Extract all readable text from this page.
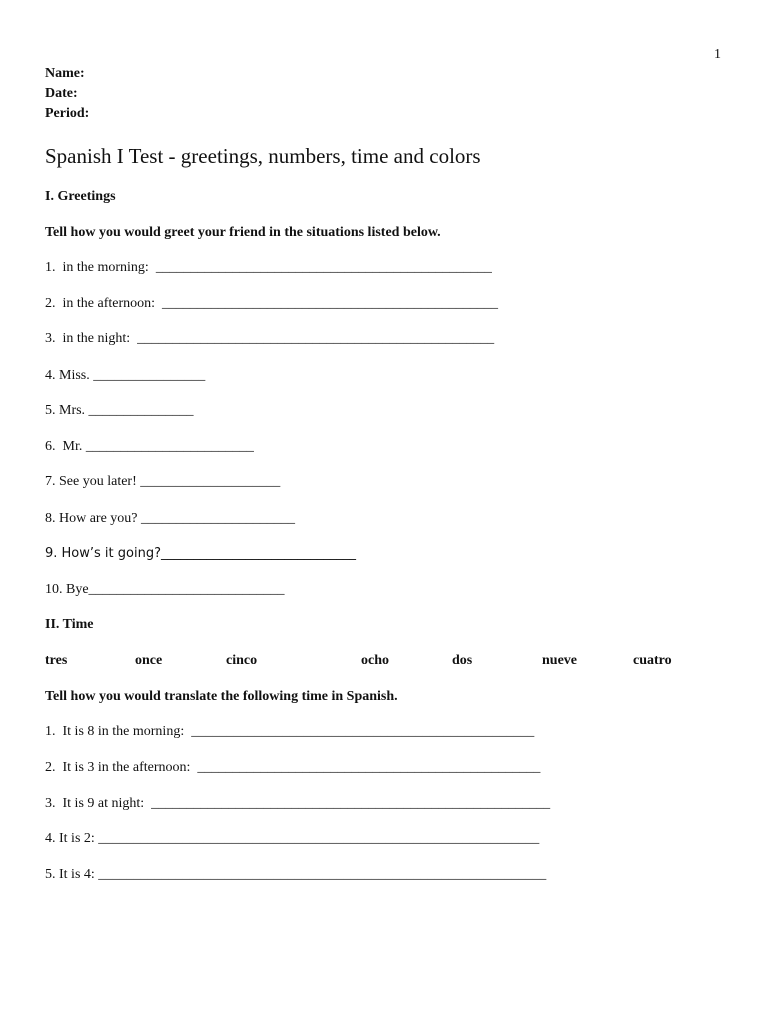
1
Name:
Date:
Period:
Spanish I Test - greetings, numbers, time and colors
I. Greetings
Tell how you would greet your friend in the situations listed below.
1.  in the morning:  ________________________________________________
2.  in the afternoon:  ________________________________________________
3.  in the night:  ___________________________________________________
4. Miss. ________________
5. Mrs. _______________
6.  Mr. ________________________
7. See you later! ____________________
8. How are you? ______________________
9. How’s it going?______________________________
10. Bye____________________________
II. Time
tres	once	cinco	ocho	dos	nueve	cuatro
Tell how you would translate the following time in Spanish.
1.  It is 8 in the morning:  _________________________________________________
2.  It is 3 in the afternoon:  _________________________________________________
3.  It is 9 at night:  _________________________________________________________
4. It is 2: _______________________________________________________________
5. It is 4: ________________________________________________________________
